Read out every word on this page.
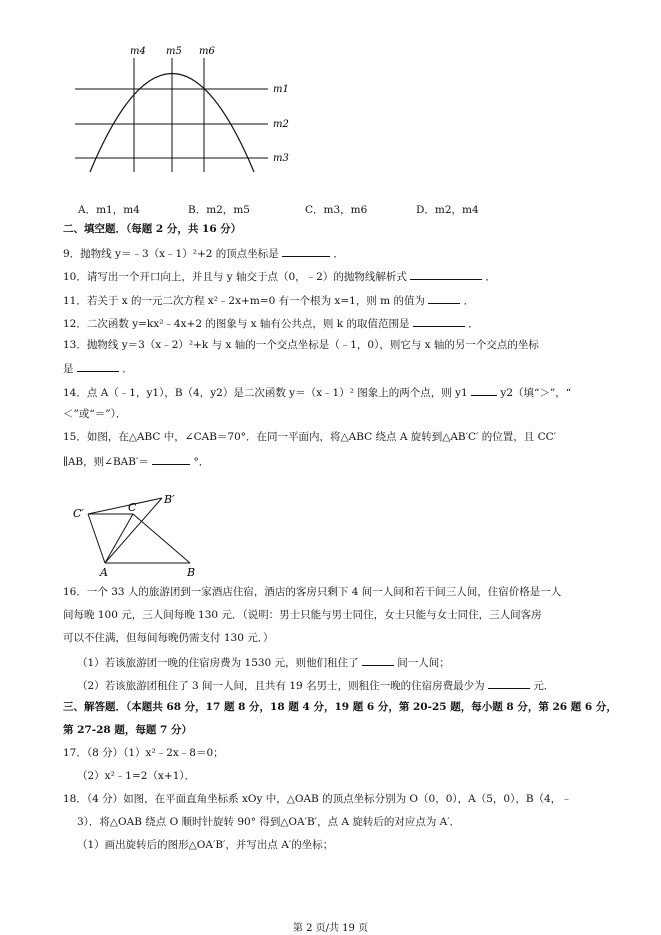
m4 m5 m6
m1
m2
m3
A．m1，m4	B．m2，m5	C．m3，m6	D．m2，m4
二、填空题．（每题 2 分，共 16 分）
9．抛物线 y＝﹣3（x﹣1）²+2 的顶点坐标是	．
10．请写出一个开口向上，并且与 y 轴交于点（0，﹣2）的抛物线解析式	．
11．若关于 x 的一元二次方程 x²﹣2x+m=0 有一个根为 x=1，则 m 的值为	．
12．二次函数 y=kx²﹣4x+2 的图象与 x 轴有公共点，则 k 的取值范围是	．
13．抛物线 y＝3（x﹣2）²+k 与 x 轴的一个交点坐标是（﹣1，0），则它与 x 轴的另一个交点的坐标
是	．
14．点 A（﹣1，y1），B（4，y2）是二次函数 y＝（x﹣1）² 图象上的两个点，则 y1	y2（填“＞”，“
＜”或“＝”）．
15．如图，在△ABC 中，∠CAB＝70°．在同一平面内，将△ABC 绕点 A 旋转到△AB′C′ 的位置，且 CC′
∥AB，则∠BAB′＝	°．
C′
B′
C
A	B
16．一个 33 人的旅游团到一家酒店住宿，酒店的客房只剩下 4 间一人间和若干间三人间，住宿价格是一人
间每晚 100 元，三人间每晚 130 元．（说明：男士只能与男士同住，女士只能与女士同住，三人间客房
可以不住满，但每间每晚仍需支付 130 元．）
（1）若该旅游团一晚的住宿房费为 1530 元，则他们租住了	间一人间；
（2）若该旅游团租住了 3 间一人间，且共有 19 名男士，则租住一晚的住宿房费最少为	元．
三、解答题．（本题共 68 分，17 题 8 分，18 题 4 分，19 题 6 分，第 20-25 题，每小题 8 分，第 26 题 6 分，
第 27-28 题，每题 7 分）
17．（8 分）（1）x²﹣2x﹣8＝0；
（2）x²﹣1=2（x+1）．
18．（4 分）如图，在平面直角坐标系 xOy 中，△OAB 的顶点坐标分别为 O（0，0），A（5，0），B（4，﹣
3）．将△OAB 绕点 O 顺时针旋转 90° 得到△OA′B′，点 A 旋转后的对应点为 A′．
（1）画出旋转后的图形△OA′B′，并写出点 A′的坐标；
第 2 页/共 19 页
